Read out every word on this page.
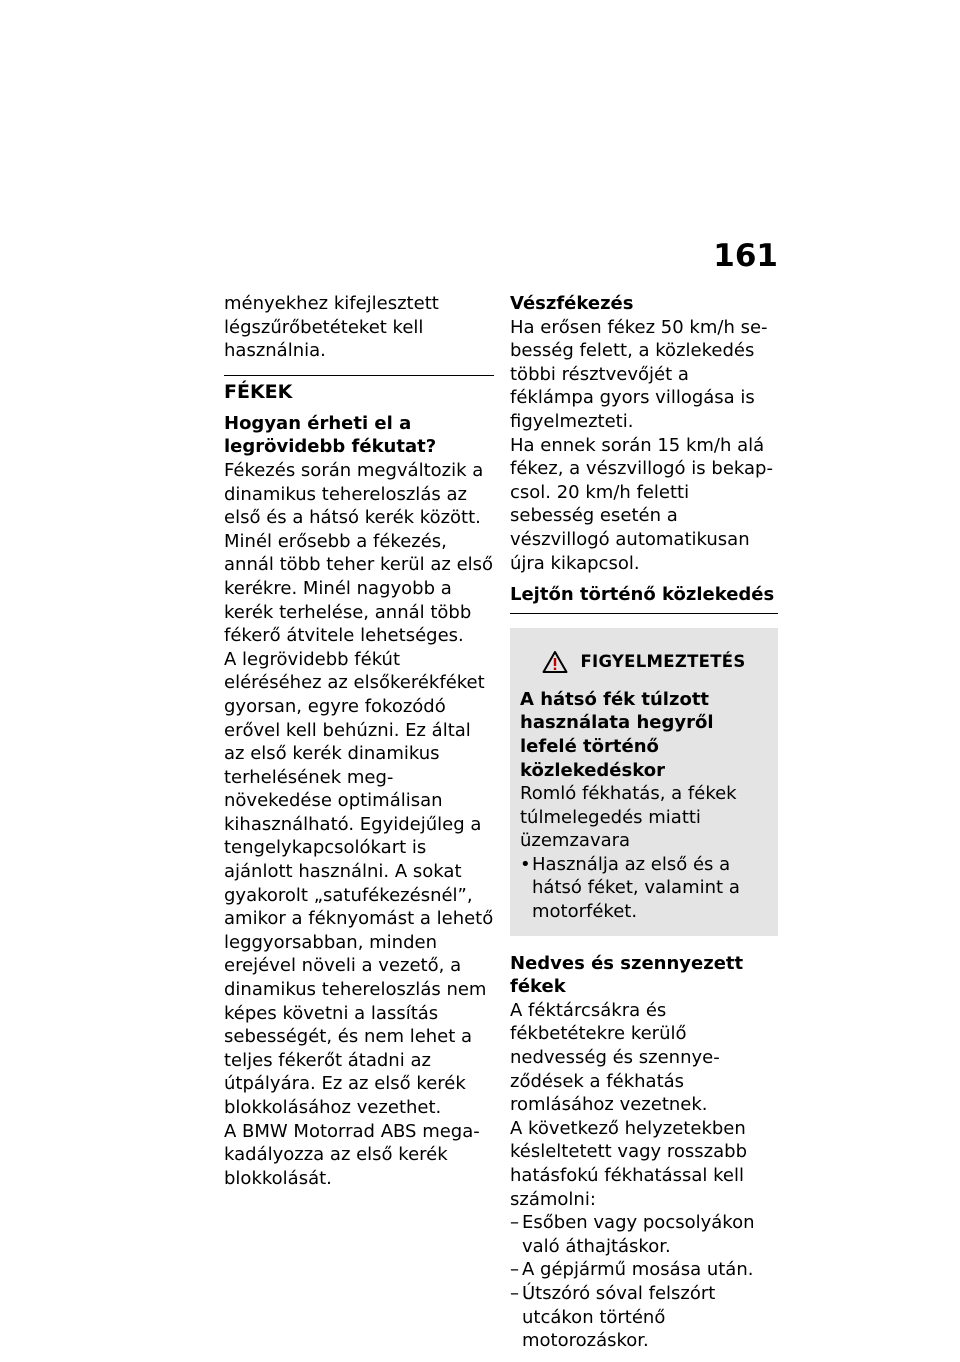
161

ményekhez kifejlesztett légszűrőbetéteket kell használnia.

FÉKEK

Hogyan érheti el a legrövidebb fékutat?

Fékezés során megváltozik a dinamikus tehereloszlás az első és a hátsó kerék között. Minél erősebb a fékezés, annál több teher kerül az első kerékre. Minél nagyobb a kerék terhelése, annál több fékerő átvitele lehetséges.

A legrövidebb fékút eléréséhez az elsőkerékféket gyorsan, egyre fokozódó erővel kell behúzni. Ez által az első kerék dinamikus terhelésének megnövekedése optimálisan kihasználható. Egyidejűleg a tengelykapcsolókart is ajánlott használni. A sokat gyakorolt „satufékezésnél”, amikor a féknyomást a lehető leggyorsabban, minden erejével növeli a vezető, a dinamikus tehereloszlás nem képes követni a lassítás sebességét, és nem lehet a teljes fékerőt átadni az útpályára. Ez az első kerék blokkolásához vezethet.

A BMW Motorrad ABS megakadályozza az első kerék blokkolását.

Vészfékezés

Ha erősen fékez 50 km/h sebesség felett, a közlekedés többi résztvevőjét a féklámpa gyors villogása is figyelmezteti.

Ha ennek során 15 km/h alá fékez, a vészvillogó is bekapcsol. 20 km/h feletti sebesség esetén a vészvillogó automatikusan újra kikapcsol.

Lejtőn történő közlekedés

FIGYELMEZTETÉS

A hátsó fék túlzott használata hegyről lefelé történő közlekedéskor

Romló fékhatás, a fékek túlmelegedés miatti üzemzavara

• Használja az első és a hátsó féket, valamint a motorféket.

Nedves és szennyezett fékek

A féktárcsákra és fékbetétekre kerülő nedvesség és szennyeződések a fékhatás romlásához vezetnek.

A következő helyzetekben késleltetett vagy rosszabb hatásfokú fékhatással kell számolni:

– Esőben vagy pocsolyákon való áthajtáskor.
– A gépjármű mosása után.
– Útszóró sóval felszórt utcákon történő motorozáskor.
